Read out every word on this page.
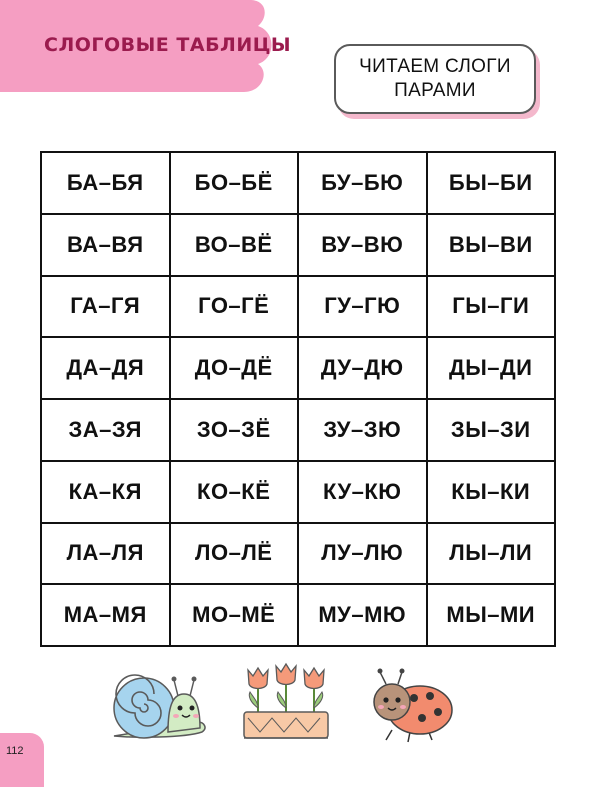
СЛОГОВЫЕ ТАБЛИЦЫ
ЧИТАЕМ СЛОГИ
ПАРАМИ
БА–БЯ	БО–БЁ	БУ–БЮ	БЫ–БИ
ВА–ВЯ	ВО–ВЁ	ВУ–ВЮ	ВЫ–ВИ
ГА–ГЯ	ГО–ГЁ	ГУ–ГЮ	ГЫ–ГИ
ДА–ДЯ	ДО–ДЁ	ДУ–ДЮ	ДЫ–ДИ
ЗА–ЗЯ	ЗО–ЗЁ	ЗУ–ЗЮ	ЗЫ–ЗИ
КА–КЯ	КО–КЁ	КУ–КЮ	КЫ–КИ
ЛА–ЛЯ	ЛО–ЛЁ	ЛУ–ЛЮ	ЛЫ–ЛИ
МА–МЯ	МО–МЁ	МУ–МЮ	МЫ–МИ
112
